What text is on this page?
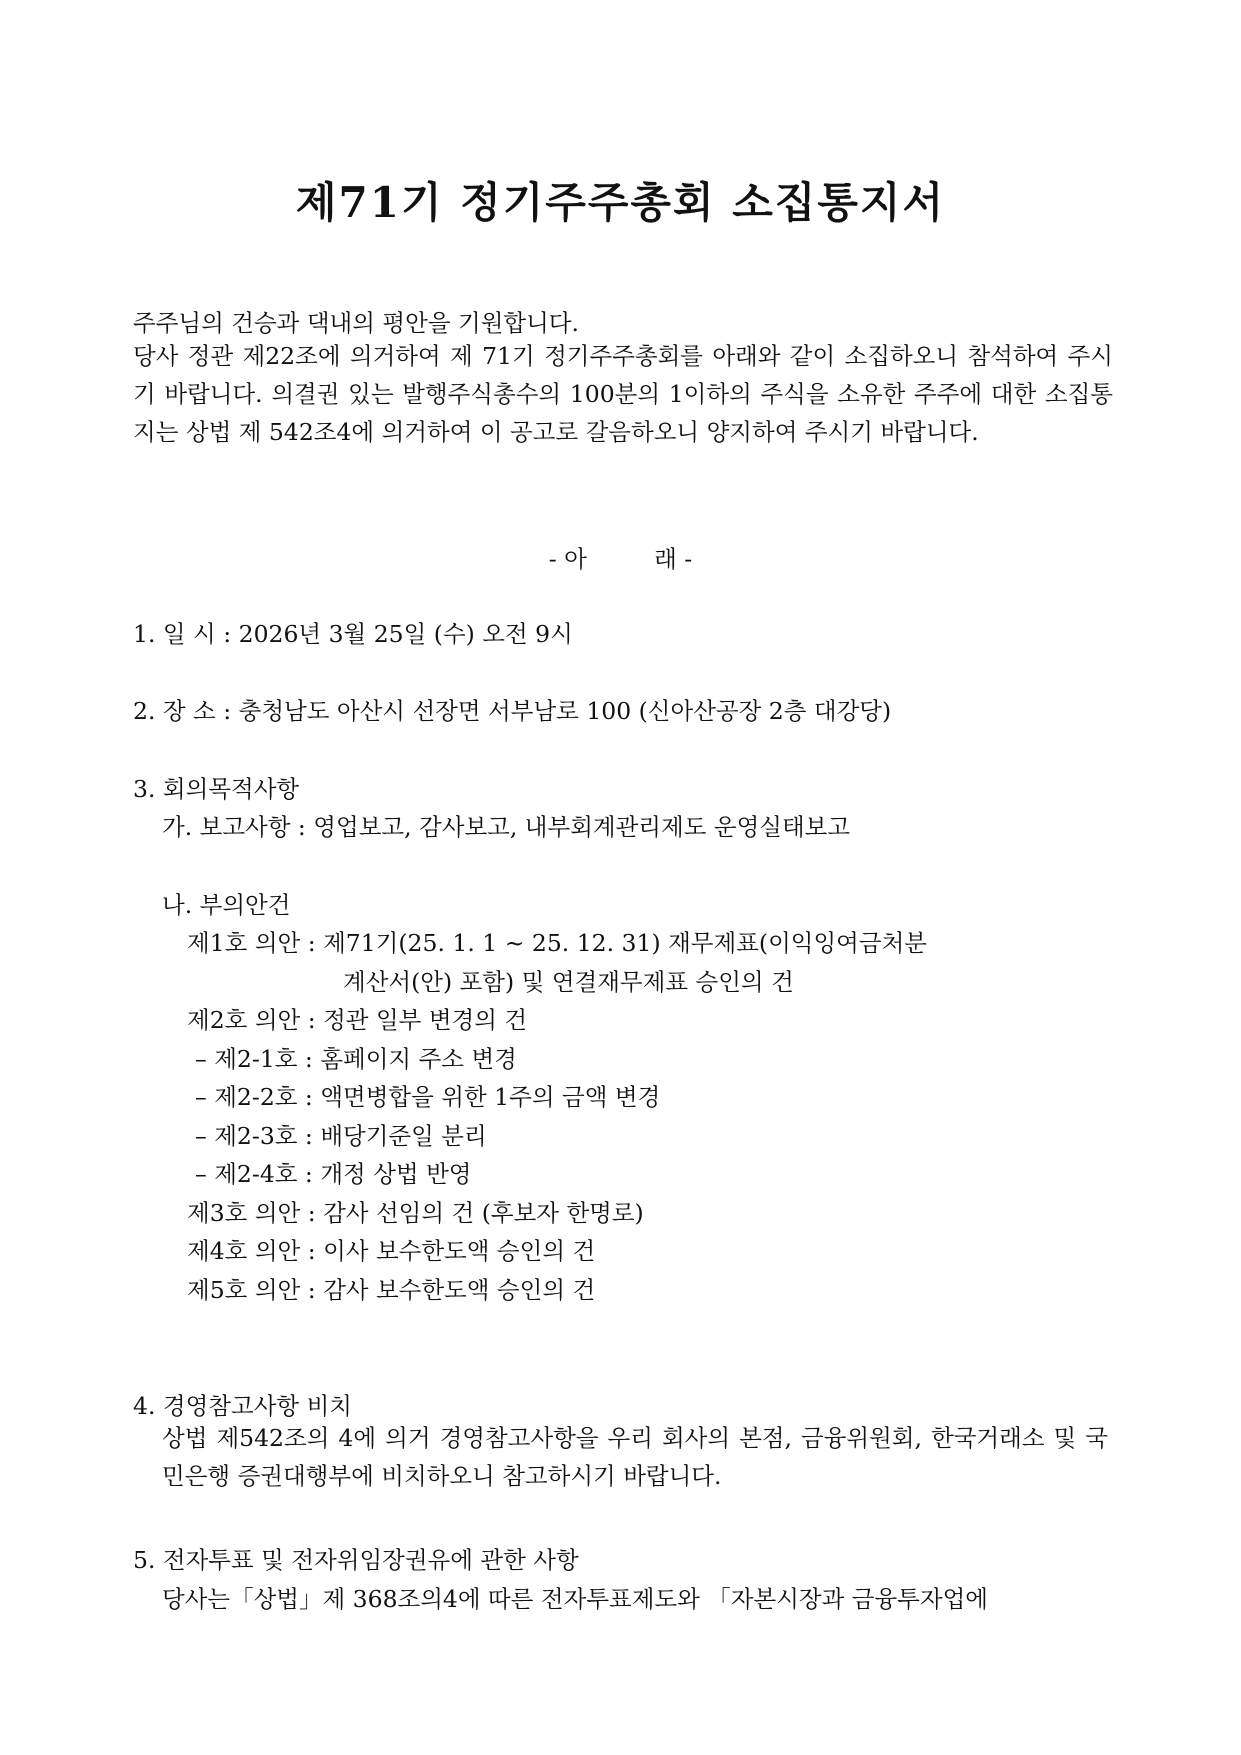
제71기 정기주주총회 소집통지서

주주님의 건승과 댁내의 평안을 기원합니다.

당사 정관 제22조에 의거하여 제 71기 정기주주총회를 아래와 같이 소집하오니 참석하여 주시기 바랍니다. 의결권 있는 발행주식총수의 100분의 1이하의 주식을 소유한 주주에 대한 소집통지는 상법 제 542조4에 의거하여 이 공고로 갈음하오니 양지하여 주시기 바랍니다.

- 아         래 -

1. 일 시 : 2026년 3월 25일 (수) 오전 9시

2. 장 소 : 충청남도 아산시 선장면 서부남로 100 (신아산공장 2층 대강당)

3. 회의목적사항

가. 보고사항 : 영업보고, 감사보고, 내부회계관리제도 운영실태보고

나. 부의안건

제1호 의안 : 제71기(25. 1. 1 ~ 25. 12. 31) 재무제표(이익잉여금처분

계산서(안) 포함) 및 연결재무제표 승인의 건

제2호 의안 : 정관 일부 변경의 건

– 제2-1호 : 홈페이지 주소 변경

– 제2-2호 : 액면병합을 위한 1주의 금액 변경

– 제2-3호 : 배당기준일 분리

– 제2-4호 : 개정 상법 반영

제3호 의안 : 감사 선임의 건 (후보자 한명로)

제4호 의안 : 이사 보수한도액 승인의 건

제5호 의안 : 감사 보수한도액 승인의 건

4. 경영참고사항 비치

상법 제542조의 4에 의거 경영참고사항을 우리 회사의 본점, 금융위원회, 한국거래소 및 국민은행 증권대행부에 비치하오니 참고하시기 바랍니다.

5. 전자투표 및 전자위임장권유에 관한 사항

당사는「상법」제 368조의4에 따른 전자투표제도와 「자본시장과 금융투자업에
